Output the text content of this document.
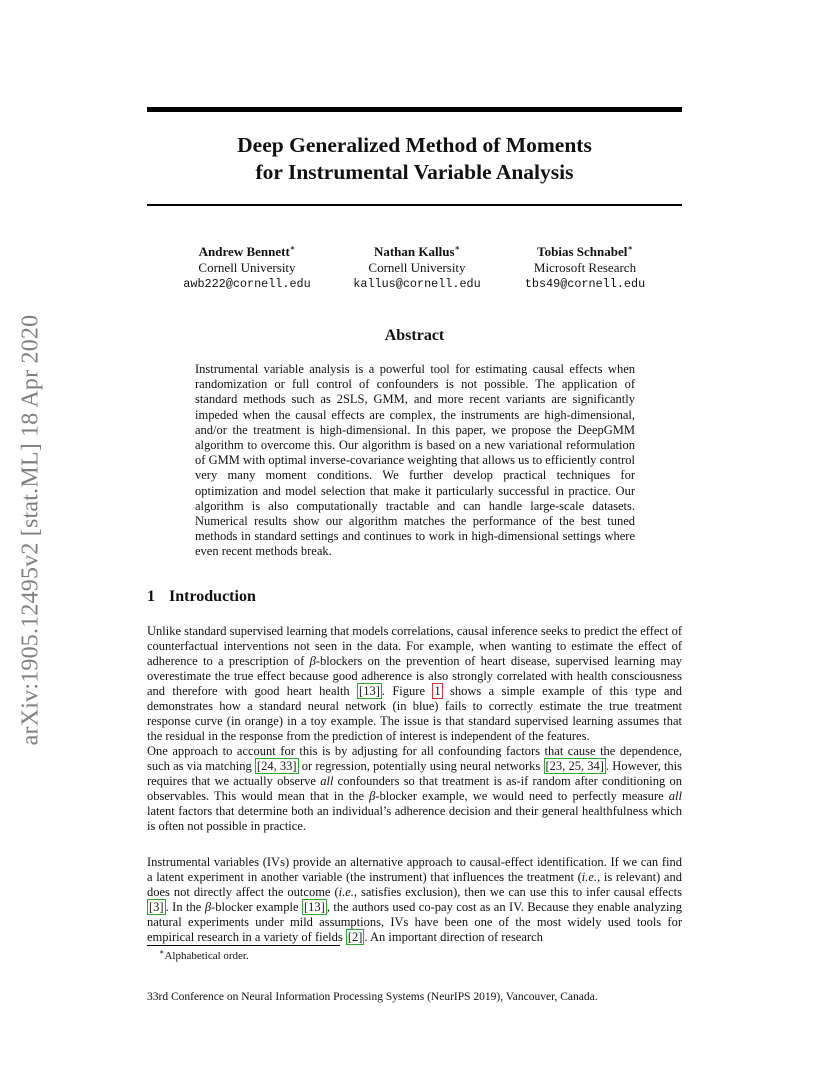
arXiv:1905.12495v2 [stat.ML] 18 Apr 2020
Deep Generalized Method of Moments
for Instrumental Variable Analysis
Andrew Bennett∗
Cornell University
awb222@cornell.edu
Nathan Kallus∗
Cornell University
kallus@cornell.edu
Tobias Schnabel∗
Microsoft Research
tbs49@cornell.edu
Abstract
Instrumental variable analysis is a powerful tool for estimating causal effects when randomization or full control of confounders is not possible. The application of standard methods such as 2SLS, GMM, and more recent variants are significantly impeded when the causal effects are complex, the instruments are high-dimensional, and/or the treatment is high-dimensional. In this paper, we propose the DeepGMM algorithm to overcome this. Our algorithm is based on a new variational reformulation of GMM with optimal inverse-covariance weighting that allows us to efficiently control very many moment conditions. We further develop practical techniques for optimization and model selection that make it particularly successful in practice. Our algorithm is also computationally tractable and can handle large-scale datasets. Numerical results show our algorithm matches the performance of the best tuned methods in standard settings and continues to work in high-dimensional settings where even recent methods break.
1 Introduction
Unlike standard supervised learning that models correlations, causal inference seeks to predict the effect of counterfactual interventions not seen in the data. For example, when wanting to estimate the effect of adherence to a prescription of β-blockers on the prevention of heart disease, supervised learning may overestimate the true effect because good adherence is also strongly correlated with health consciousness and therefore with good heart health [13] . Figure 1 shows a simple example of this type and demonstrates how a standard neural network (in blue) fails to correctly estimate the true treatment response curve (in orange) in a toy example. The issue is that standard supervised learning assumes that the residual in the response from the prediction of interest is independent of the features.
One approach to account for this is by adjusting for all confounding factors that cause the dependence, such as via matching [24, 33] or regression, potentially using neural networks [23, 25, 34] . However, this requires that we actually observe all confounders so that treatment is as-if random after conditioning on observables. This would mean that in the β-blocker example, we would need to perfectly measure all latent factors that determine both an individual’s adherence decision and their general healthfulness which is often not possible in practice.
Instrumental variables (IVs) provide an alternative approach to causal-effect identification. If we can find a latent experiment in another variable (the instrument) that influences the treatment (i.e., is relevant) and does not directly affect the outcome (i.e., satisfies exclusion), then we can use this to infer causal effects [3] . In the β-blocker example [13] , the authors used co-pay cost as an IV. Because they enable analyzing natural experiments under mild assumptions, IVs have been one of the most widely used tools for empirical research in a variety of fields [2] . An important direction of research
∗Alphabetical order.
33rd Conference on Neural Information Processing Systems (NeurIPS 2019), Vancouver, Canada.
